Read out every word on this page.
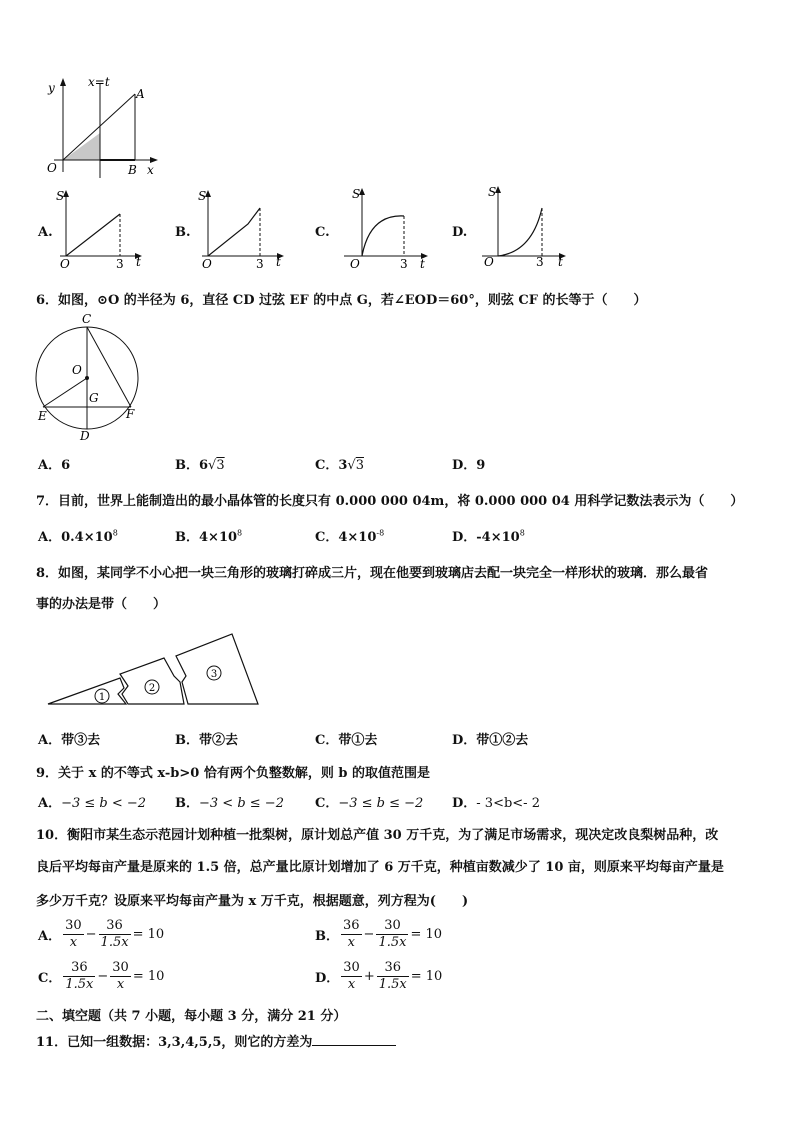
y	x=t
A
O	B x
A.
S
O	3 t
B.
S
O	3 t
C.
S
O	3 t
D.
S
O	3 t
6．如图，⊙O 的半径为 6，直径 CD 过弦 EF 的中点 G，若∠EOD＝60°，则弦 CF 的长等于（　　）
C
O
G
E	F
D
A．6	B．6√3	C．3√3	D．9
7．目前，世界上能制造出的最小晶体管的长度只有 0.000 000 04m，将 0.000 000 04 用科学记数法表示为（　　）
A．$0.4\times 10^8$	B．$4\times 10^8$	C．$4\times 10^{-8}$	D．$-4\times 10^8$
8．如图，某同学不小心把一块三角形的玻璃打碎成三片，现在他要到玻璃店去配一块完全一样形状的玻璃．那么最省
事的办法是带（　　）
1
2
3
A．带③去	B．带②去	C．带①去	D．带①②去
9．关于 x 的不等式 x-b>0 恰有两个负整数解，则 b 的取值范围是
A．−3 ≤ b < −2 B．−3 < b ≤ −2 C．−3 ≤ b ≤ −2 D．- 3<b<- 2
10．衡阳市某生态示范园计划种植一批梨树，原计划总产值 30 万千克，为了满足市场需求，现决定改良梨树品种，改
良后平均每亩产量是原来的 1.5 倍，总产量比原计划增加了 6 万千克，种植亩数减少了 10 亩，则原来平均每亩产量是
多少万千克？设原来平均每亩产量为 x 万千克，根据题意，列方程为(　　)
A． $\frac{30}{x} - \frac{36}{1.5x} = 10$	B． $\frac{36}{x} - \frac{30}{1.5x} = 10$
C． $\frac{36}{1.5x} - \frac{30}{x} = 10$	D． $\frac{30}{x} + \frac{36}{1.5x} = 10$
二、填空题（共 7 小题，每小题 3 分，满分 21 分）
11．已知一组数据：3,3,4,5,5，则它的方差为
